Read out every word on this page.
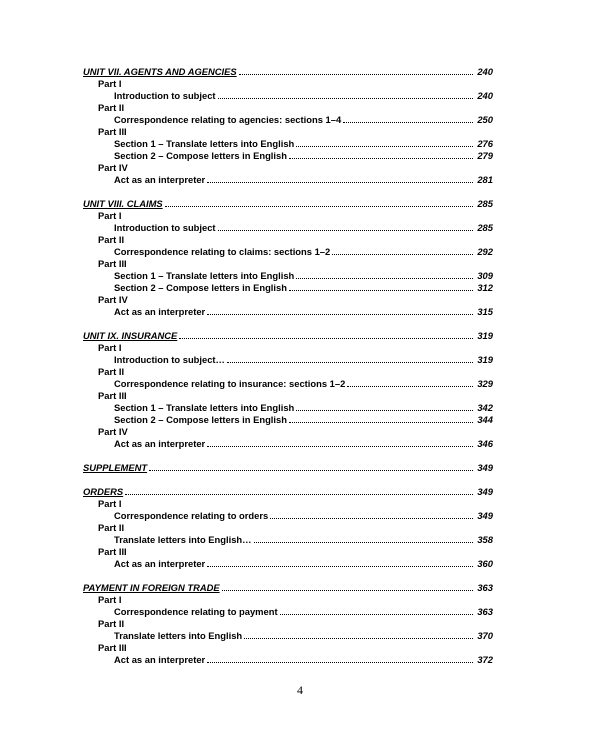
UNIT VII. AGENTS AND AGENCIES	240
Part I
Introduction to subject	240
Part II
Correspondence relating to agencies: sections 1–4	250
Part III
Section 1 – Translate letters into English	276
Section 2 – Compose letters in English	279
Part IV
Act as an interpreter	281
UNIT VIII. CLAIMS	285
Part I
Introduction to subject	285
Part II
Correspondence relating to claims: sections 1–2	292
Part III
Section 1 – Translate letters into English	309
Section 2 – Compose letters in English	312
Part IV
Act as an interpreter	315
UNIT IX. INSURANCE	319
Part I
Introduction to subject…	319
Part II
Correspondence relating to insurance: sections 1–2	329
Part III
Section 1 – Translate letters into English	342
Section 2 – Compose letters in English	344
Part IV
Act as an interpreter	346
SUPPLEMENT	349
ORDERS	349
Part I
Correspondence relating to orders	349
Part II
Translate letters into English…	358
Part III
Act as an interpreter	360
PAYMENT IN FOREIGN TRADE	363
Part I
Correspondence relating to payment	363
Part II
Translate letters into English	370
Part III
Act as an interpreter	372
4
